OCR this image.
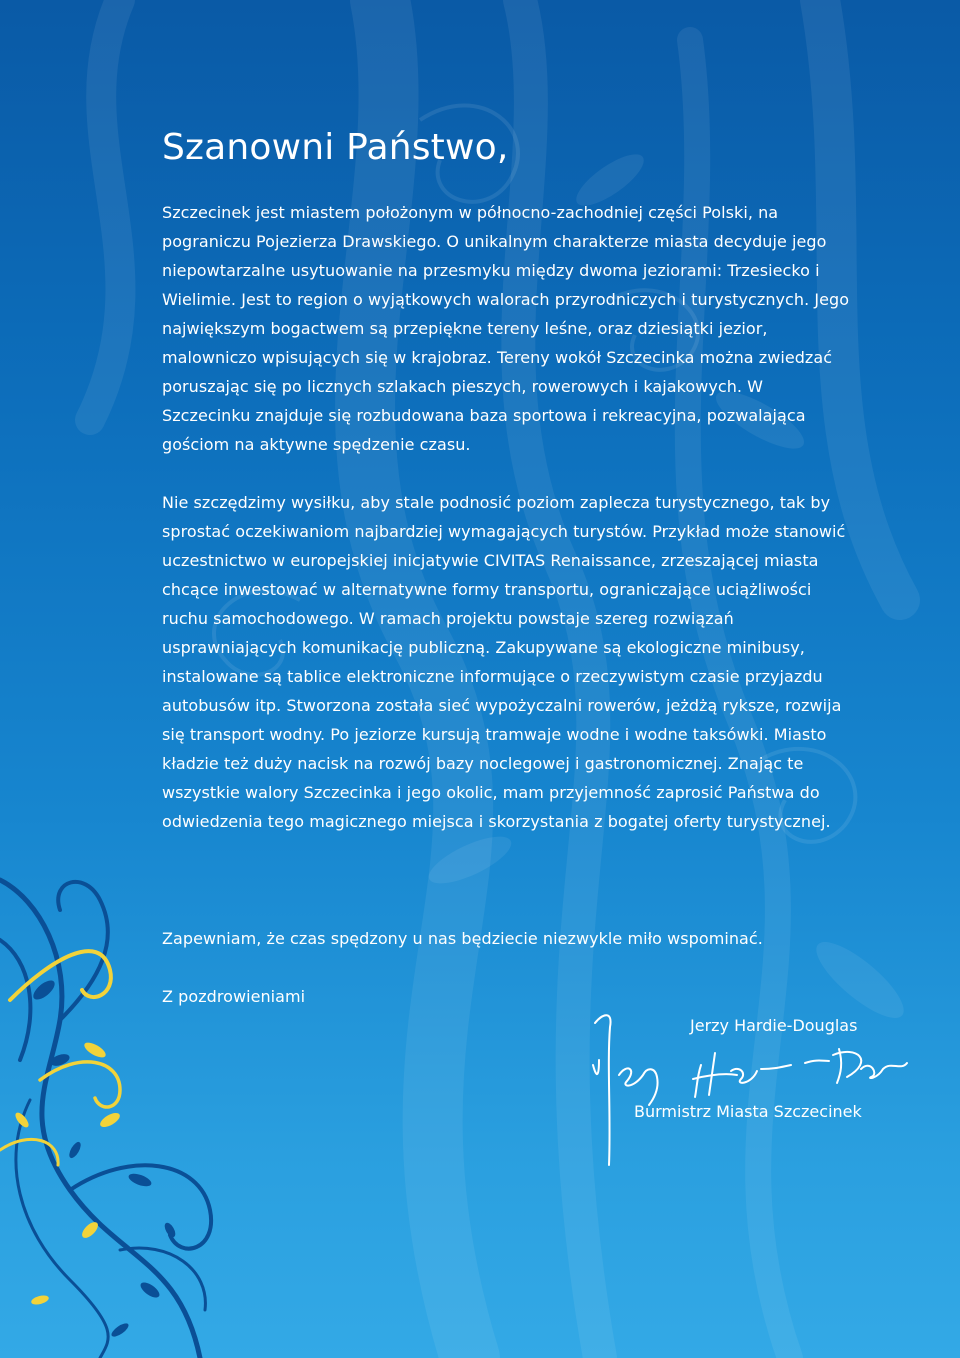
Szanowni Państwo,

Szczecinek jest miastem położonym w północno-zachodniej części Polski, na pograniczu Pojezierza Drawskiego. O unikalnym charakterze miasta decyduje jego niepowtarzalne usytuowanie na przesmyku między dwoma jeziorami: Trzesiecko i Wielimie. Jest to region o wyjątkowych walorach przyrodniczych i turystycznych. Jego największym bogactwem są przepiękne tereny leśne, oraz dziesiątki jezior, malowniczo wpisujących się w krajobraz. Tereny wokół Szczecinka można zwiedzać poruszając się po licznych szlakach pieszych, rowerowych i kajakowych. W Szczecinku znajduje się rozbudowana baza sportowa i rekreacyjna, pozwalająca gościom na aktywne spędzenie czasu.

Nie szczędzimy wysiłku, aby stale podnosić poziom zaplecza turystycznego, tak by sprostać oczekiwaniom najbardziej wymagających turystów. Przykład może stanowić uczestnictwo w europejskiej inicjatywie CIVITAS Renaissance, zrzeszającej miasta chcące inwestować w alternatywne formy transportu, ograniczające uciążliwości ruchu samochodowego. W ramach projektu powstaje szereg rozwiązań usprawniających komunikację publiczną. Zakupywane są ekologiczne minibusy, instalowane są tablice elektroniczne informujące o rzeczywistym czasie przyjazdu autobusów itp. Stworzona została sieć wypożyczalni rowerów, jeżdżą ryksze, rozwija się transport wodny. Po jeziorze kursują tramwaje wodne i wodne taksówki. Miasto kładzie też duży nacisk na rozwój bazy noclegowej i gastronomicznej. Znając te wszystkie walory Szczecinka i jego okolic, mam przyjemność zaprosić Państwa do odwiedzenia tego magicznego miejsca i skorzystania z bogatej oferty turystycznej.

Zapewniam, że czas spędzony u nas będziecie niezwykle miło wspominać.

Z pozdrowieniami

Jerzy Hardie-Douglas
Burmistrz Miasta Szczecinek
